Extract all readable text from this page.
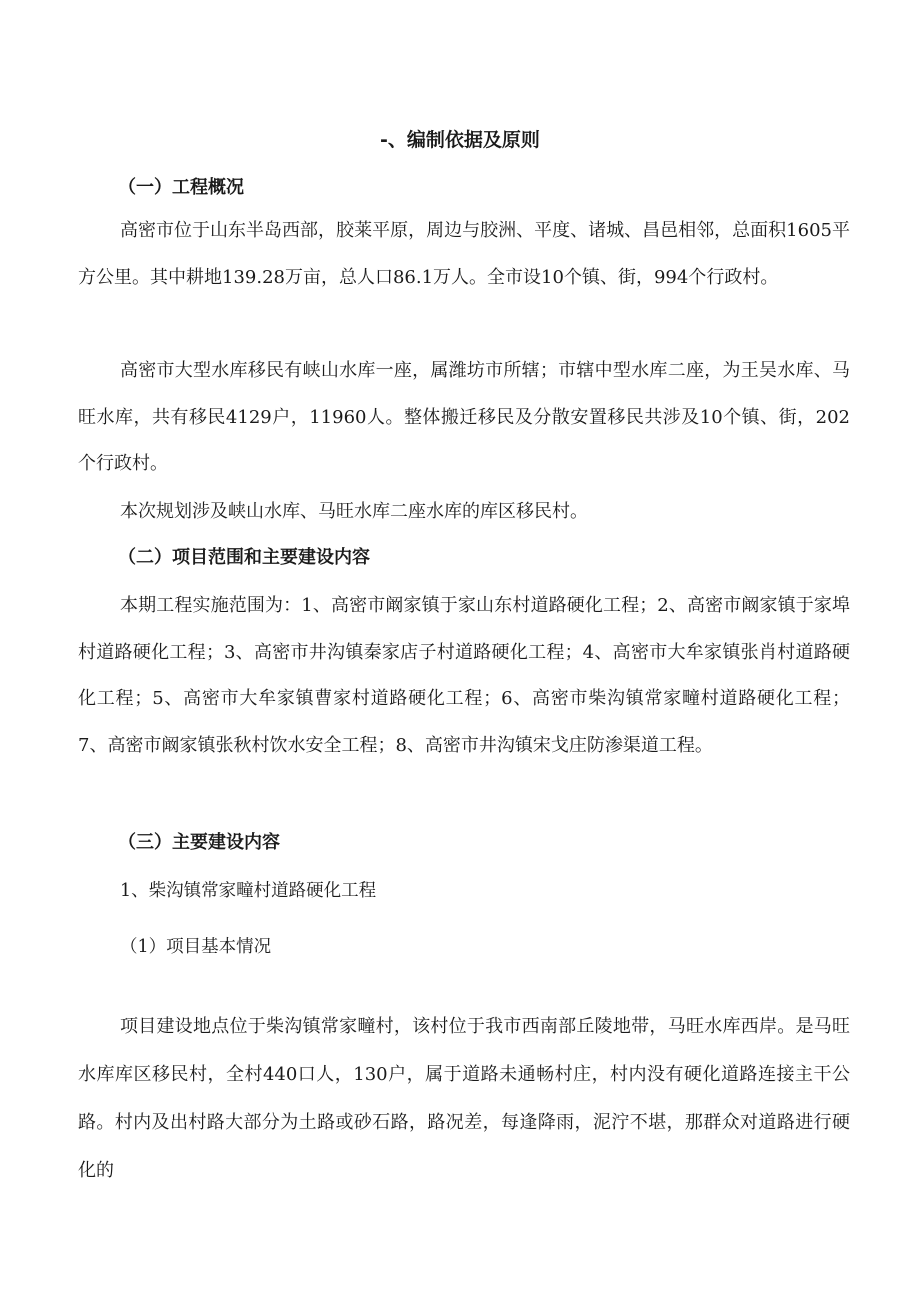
-、编制依据及原则
（一）工程概况
高密市位于山东半岛西部，胶莱平原，周边与胶洲、平度、诸城、昌邑相邻，总面积1605平方公里。其中耕地139.28万亩，总人口86.1万人。全市设10个镇、街，994个行政村。
高密市大型水库移民有峡山水库一座，属潍坊市所辖；市辖中型水库二座，为王吴水库、马旺水库，共有移民4129户，11960人。整体搬迁移民及分散安置移民共涉及10个镇、街，202个行政村。
本次规划涉及峡山水库、马旺水库二座水库的库区移民村。
（二）项目范围和主要建设内容
本期工程实施范围为：1、高密市阚家镇于家山东村道路硬化工程；2、高密市阚家镇于家埠村道路硬化工程；3、高密市井沟镇秦家店子村道路硬化工程；4、高密市大牟家镇张肖村道路硬化工程；5、高密市大牟家镇曹家村道路硬化工程；6、高密市柴沟镇常家疃村道路硬化工程；7、高密市阚家镇张秋村饮水安全工程；8、高密市井沟镇宋戈庄防渗渠道工程。
（三）主要建设内容
1、柴沟镇常家疃村道路硬化工程
（1）项目基本情况
项目建设地点位于柴沟镇常家疃村，该村位于我市西南部丘陵地带，马旺水库西岸。是马旺水库库区移民村，全村440口人，130户，属于道路未通畅村庄，村内没有硬化道路连接主干公路。村内及出村路大部分为土路或砂石路，路况差，每逢降雨，泥泞不堪，那群众对道路进行硬化的
